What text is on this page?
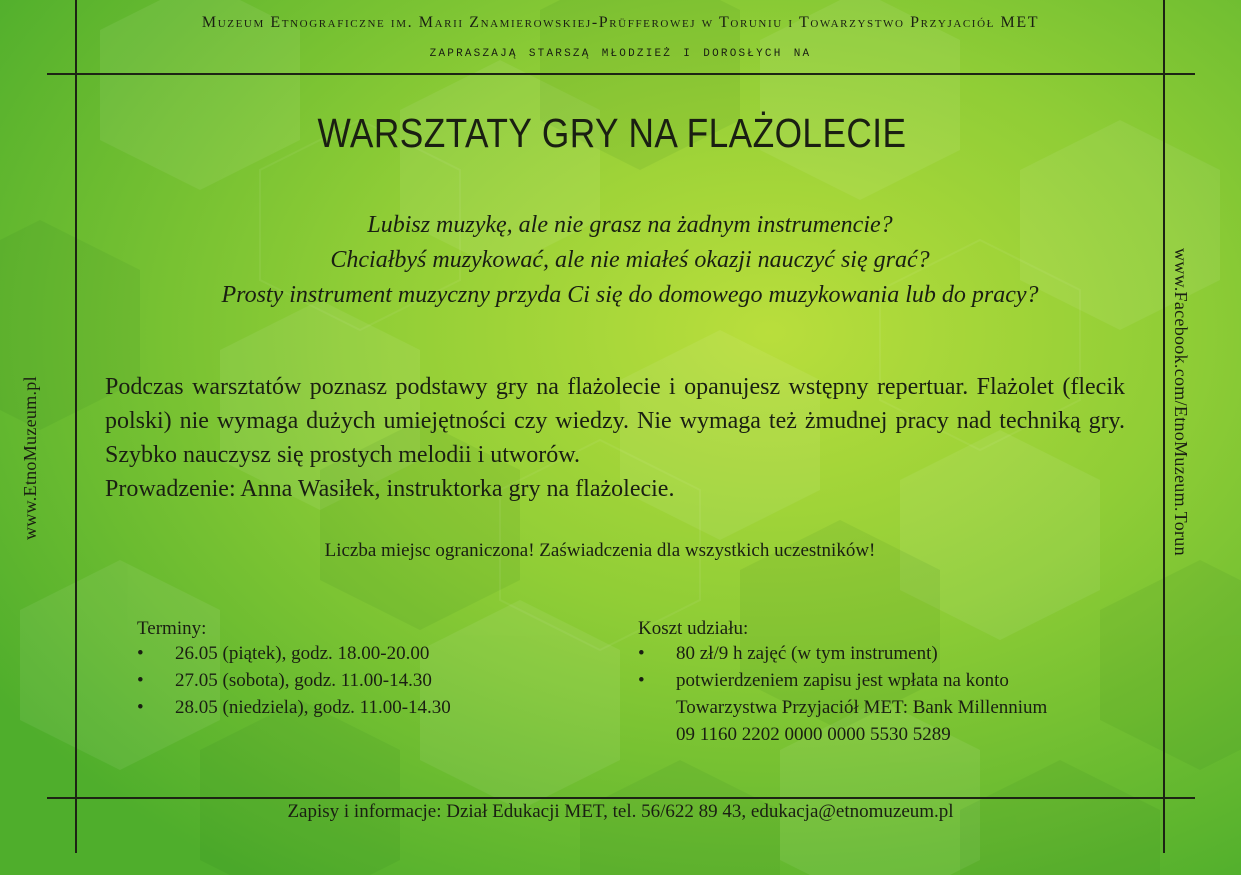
Muzeum Etnograficzne im. Marii Znamierowskiej-Prüfferowej w Toruniu i Towarzystwo Przyjaciół MET
zapraszają starszą młodzież i dorosłych na
WARSZTATY GRY NA FLAŻOLECIE
Lubisz muzykę, ale nie grasz na żadnym instrumencie?
Chciałbyś muzykować, ale nie miałeś okazji nauczyć się grać?
Prosty instrument muzyczny przyda Ci się do domowego muzykowania lub do pracy?

Podczas warsztatów poznasz podstawy gry na flażolecie i opanujesz wstępny repertuar. Flażolet (flecik polski) nie wymaga dużych umiejętności czy wiedzy. Nie wymaga też żmudnej pracy nad techniką gry. Szybko nauczysz się prostych melodii i utworów.

Prowadzenie: Anna Wasiłek, instruktorka gry na flażolecie.

Liczba miejsc ograniczona! Zaświadczenia dla wszystkich uczestników!
Terminy:
• 26.05 (piątek), godz. 18.00-20.00
• 27.05 (sobota), godz. 11.00-14.30
• 28.05 (niedziela), godz. 11.00-14.30
Koszt udziału:
• 80 zł/9 h zajęć (w tym instrument)
• potwierdzeniem zapisu jest wpłata na konto
Towarzystwa Przyjaciół MET: Bank Millennium
09 1160 2202 0000 0000 5530 5289
www.EtnoMuzeum.pl	www.Facebook.com/EtnoMuzeum.Torun
Zapisy i informacje: Dział Edukacji MET, tel. 56/622 89 43, edukacja@etnomuzeum.pl
